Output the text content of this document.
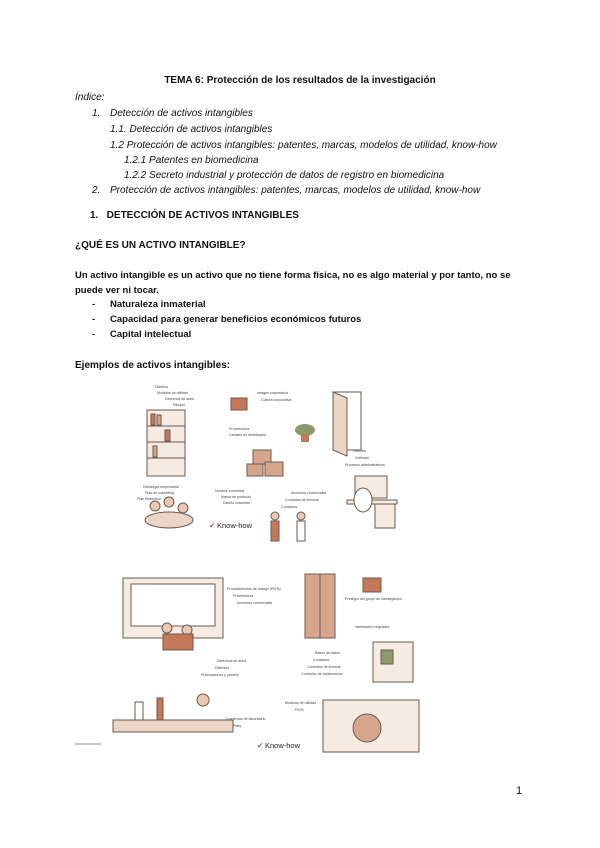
TEMA 6: Protección de los resultados de la investigación
Índice:
1. Detección de activos intangibles
1.1. Detección de activos intangibles
1.2 Protección de activos intangibles: patentes, marcas, modelos de utilidad, know-how
1.2.1 Patentes en biomedicina
1.2.2 Secreto industrial y protección de datos de registro en biomedicina
2. Protección de activos intangibles: patentes, marcas, modelos de utilidad, know-how
1.   DETECCIÓN DE ACTIVOS INTANGIBLES
¿QUÉ ES UN ACTIVO INTANGIBLE?
Un activo intangible es un activo que no tiene forma física, no es algo material y por tanto, no se puede ver ni tocar.
- Naturaleza inmaterial
- Capacidad para generar beneficios económicos futuros
- Capital intelectual
Ejemplos de activos intangibles:
Diseños
Modelos de utilidad
Derechos de autor
Dibujos
Imagen corporativa
Cultura corporativa
Proveedores
Canales de distribución
Clientes
Software
Procesos administrativos
Estrategia empresarial
Plan de marketing
Plan financiero
Nombre comercial
Marca de producto
Diseño industrial
Acuerdos comerciales
Contratos de licencia
Contactos
Know-how
✔
Procedimientos de trabajo (PNTs)
Proveedores
Acuerdos comerciales
Prestigio del grupo de investigación
Variedades vegetales
Derechos de autor
Patentes
Publicaciones y pósters
Bases de datos
Contactos
Contratos de licencia
Contratos de colaboración
Modelos de utilidad
PNTs
Cuadernos de laboratorio
Patty
Know-how
✔
1
